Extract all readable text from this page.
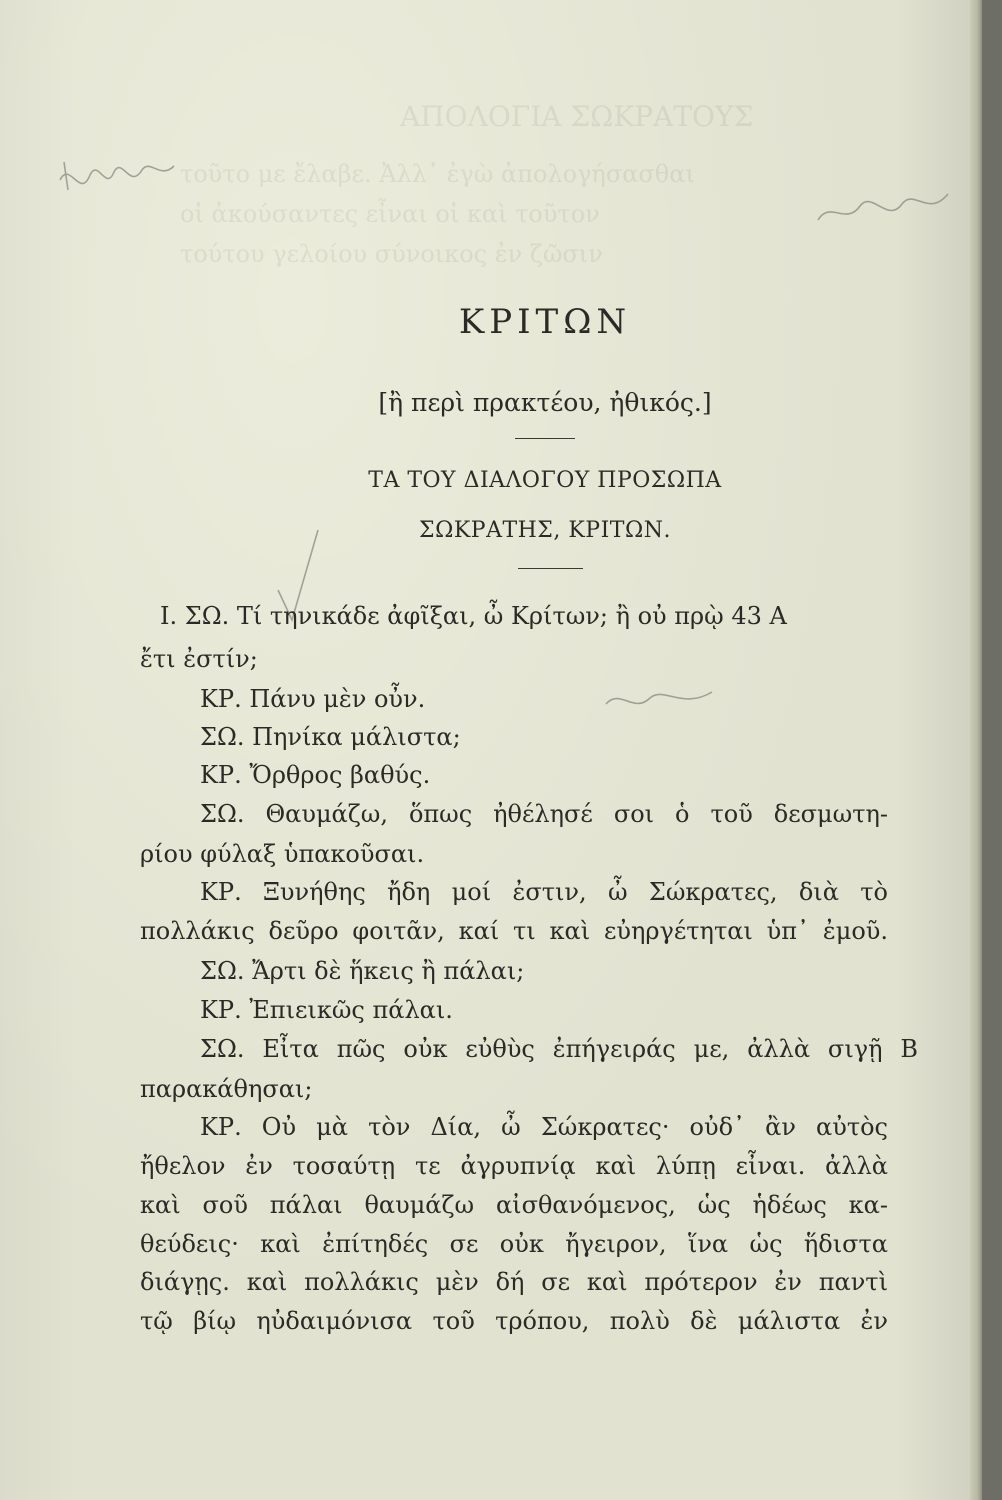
ΑΠΟΛΟΓΙΑ ΣΩΚΡΑΤΟΥΣ
τοῦτο με ἔλαβε. Ἀλλ᾿ ἐγὼ ἀπολογήσασθαι
οἱ ἀκούσαντες εἶναι οἱ καὶ τοῦτον
τούτου γελοίου σύνοικος ἐν ζῶσιν
ΚΡΙΤΩΝ
[ἢ περὶ πρακτέου, ἠθικός.]
ΤΑ ΤΟΥ ΔΙΑΛΟΓΟΥ ΠΡΟΣΩΠΑ
ΣΩΚΡΑΤΗΣ, ΚΡΙΤΩΝ.
Ι. ΣΩ. Τί τηνικάδε ἀφῖξαι, ὦ Κρίτων; ἢ οὐ πρῲ 43 Α
ἔτι ἐστίν;
ΚΡ. Πάνυ μὲν οὖν.
ΣΩ. Πηνίκα μάλιστα;
ΚΡ. Ὄρθρος βαθύς.
ΣΩ. Θαυμάζω, ὅπως ἠθέλησέ σοι ὁ τοῦ δεσμωτη-
ρίου φύλαξ ὑπακοῦσαι.
ΚΡ. Ξυνήθης ἤδη μοί ἐστιν, ὦ Σώκρατες, διὰ τὸ
πολλάκις δεῦρο φοιτᾶν, καί τι καὶ εὐηργέτηται ὑπ᾿ ἐμοῦ.
ΣΩ. Ἄρτι δὲ ἥκεις ἢ πάλαι;
ΚΡ. Ἐπιεικῶς πάλαι.
ΣΩ. Εἶτα πῶς οὐκ εὐθὺς ἐπήγειράς με, ἀλλὰ σιγῇ Β
παρακάθησαι;
ΚΡ. Οὐ μὰ τὸν Δία, ὦ Σώκρατες· οὐδ᾿ ἂν αὐτὸς
ἤθελον ἐν τοσαύτῃ τε ἀγρυπνίᾳ καὶ λύπῃ εἶναι. ἀλλὰ
καὶ σοῦ πάλαι θαυμάζω αἰσθανόμενος, ὡς ἡδέως κα-
θεύδεις· καὶ ἐπίτηδές σε οὐκ ἤγειρον, ἵνα ὡς ἥδιστα
διάγῃς. καὶ πολλάκις μὲν δή σε καὶ πρότερον ἐν παντὶ
τῷ βίῳ ηὐδαιμόνισα τοῦ τρόπου, πολὺ δὲ μάλιστα ἐν
